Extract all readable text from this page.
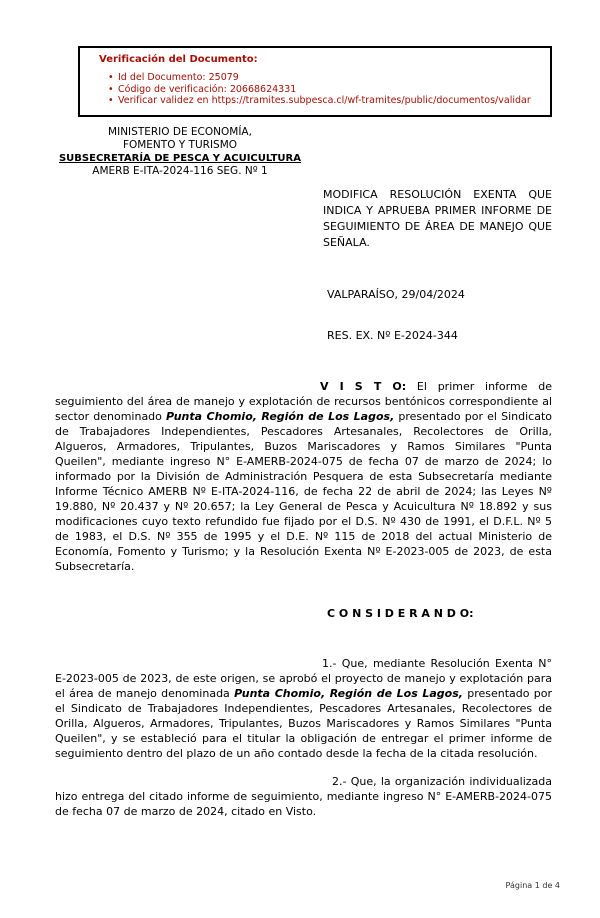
Verificación del Documento:
• Id del Documento: 25079
• Código de verificación: 20668624331
• Verificar validez en https://tramites.subpesca.cl/wf-tramites/public/documentos/validar
MINISTERIO DE ECONOMÍA,
FOMENTO Y TURISMO
SUBSECRETARÍA DE PESCA Y ACUICULTURA
AMERB E-ITA-2024-116 SEG. Nº 1
MODIFICA RESOLUCIÓN EXENTA QUE INDICA Y APRUEBA PRIMER INFORME DE SEGUIMIENTO DE ÁREA DE MANEJO QUE SEÑALA.
VALPARAÍSO, 29/04/2024
RES. EX. Nº E-2024-344

V I S T O: El primer informe de seguimiento del área de manejo y explotación de recursos bentónicos correspondiente al sector denominado Punta Chomio, Región de Los Lagos, presentado por el Sindicato de Trabajadores Independientes, Pescadores Artesanales, Recolectores de Orilla, Algueros, Armadores, Tripulantes, Buzos Mariscadores y Ramos Similares "Punta Queilen", mediante ingreso N° E-AMERB-2024-075 de fecha 07 de marzo de 2024; lo informado por la División de Administración Pesquera de esta Subsecretaría mediante Informe Técnico AMERB Nº E-ITA-2024-116, de fecha 22 de abril de 2024; las Leyes Nº 19.880, Nº 20.437 y Nº 20.657; la Ley General de Pesca y Acuicultura Nº 18.892 y sus modificaciones cuyo texto refundido fue fijado por el D.S. Nº 430 de 1991, el D.F.L. Nº 5 de 1983, el D.S. Nº 355 de 1995 y el D.E. Nº 115 de 2018 del actual Ministerio de Economía, Fomento y Turismo; y la Resolución Exenta Nº E-2023-005 de 2023, de esta Subsecretaría.

C O N S I D E R A N D O:

1.- Que, mediante Resolución Exenta N° E-2023-005 de 2023, de este origen, se aprobó el proyecto de manejo y explotación para el área de manejo denominada Punta Chomio, Región de Los Lagos, presentado por el Sindicato de Trabajadores Independientes, Pescadores Artesanales, Recolectores de Orilla, Algueros, Armadores, Tripulantes, Buzos Mariscadores y Ramos Similares "Punta Queilen", y se estableció para el titular la obligación de entregar el primer informe de seguimiento dentro del plazo de un año contado desde la fecha de la citada resolución.

2.- Que, la organización individualizada hizo entrega del citado informe de seguimiento, mediante ingreso N° E-AMERB-2024-075 de fecha 07 de marzo de 2024, citado en Visto.

Página 1 de 4
